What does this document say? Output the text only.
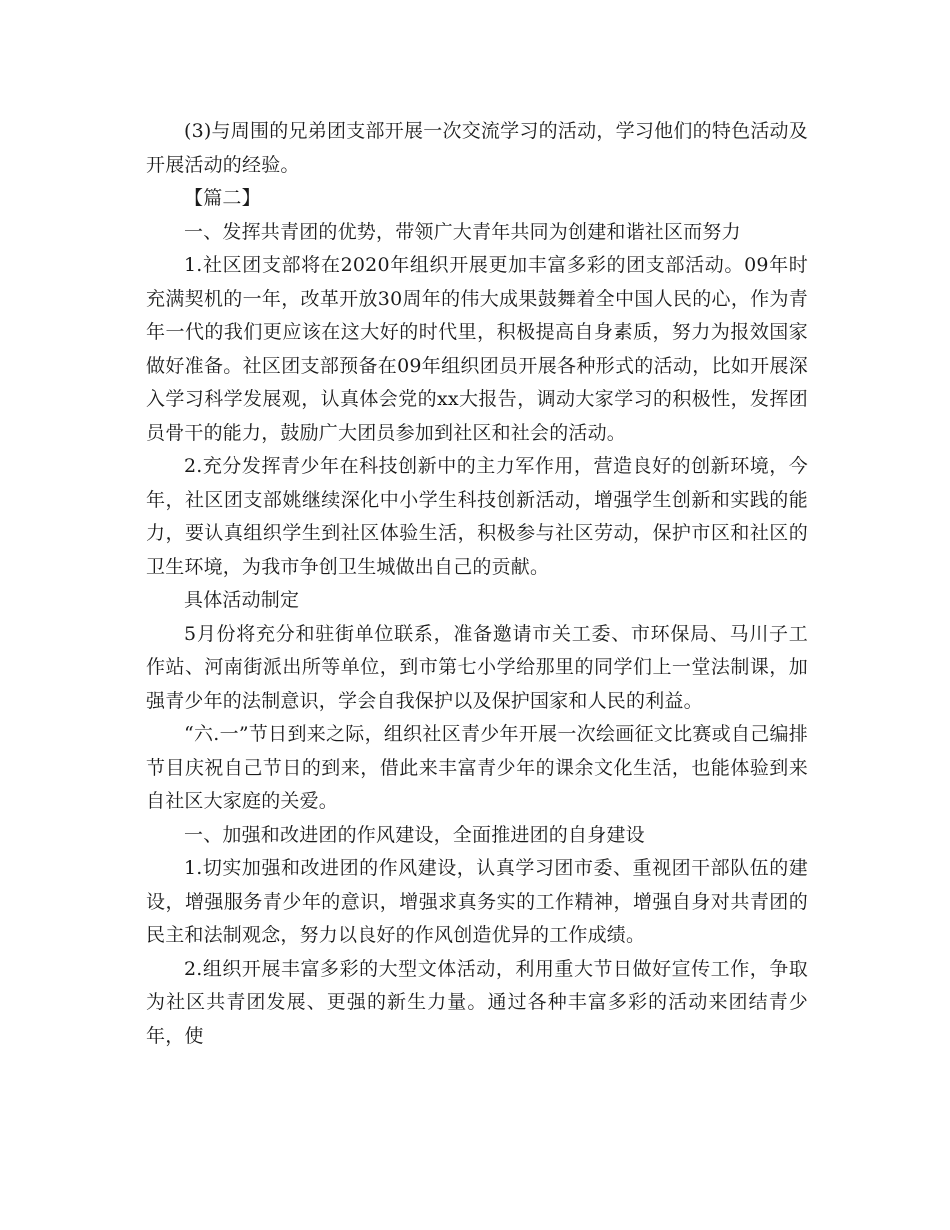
(3)与周围的兄弟团支部开展一次交流学习的活动，学习他们的特色活动及开展活动的经验。

【篇二】

一、发挥共青团的优势，带领广大青年共同为创建和谐社区而努力

1.社区团支部将在2020年组织开展更加丰富多彩的团支部活动。09年时充满契机的一年，改革开放30周年的伟大成果鼓舞着全中国人民的心，作为青年一代的我们更应该在这大好的时代里，积极提高自身素质，努力为报效国家做好准备。社区团支部预备在09年组织团员开展各种形式的活动，比如开展深入学习科学发展观，认真体会党的xx大报告，调动大家学习的积极性，发挥团员骨干的能力，鼓励广大团员参加到社区和社会的活动。

2.充分发挥青少年在科技创新中的主力军作用，营造良好的创新环境，今年，社区团支部姚继续深化中小学生科技创新活动，增强学生创新和实践的能力，要认真组织学生到社区体验生活，积极参与社区劳动，保护市区和社区的卫生环境，为我市争创卫生城做出自己的贡献。

具体活动制定

5月份将充分和驻街单位联系，准备邀请市关工委、市环保局、马川子工作站、河南街派出所等单位，到市第七小学给那里的同学们上一堂法制课，加强青少年的法制意识，学会自我保护以及保护国家和人民的利益。

“六.一”节日到来之际，组织社区青少年开展一次绘画征文比赛或自己编排节目庆祝自己节日的到来，借此来丰富青少年的课余文化生活，也能体验到来自社区大家庭的关爱。

一、加强和改进团的作风建设，全面推进团的自身建设

1.切实加强和改进团的作风建设，认真学习团市委、重视团干部队伍的建设，增强服务青少年的意识，增强求真务实的工作精神，增强自身对共青团的民主和法制观念，努力以良好的作风创造优异的工作成绩。

2.组织开展丰富多彩的大型文体活动，利用重大节日做好宣传工作，争取为社区共青团发展、更强的新生力量。通过各种丰富多彩的活动来团结青少年，使
